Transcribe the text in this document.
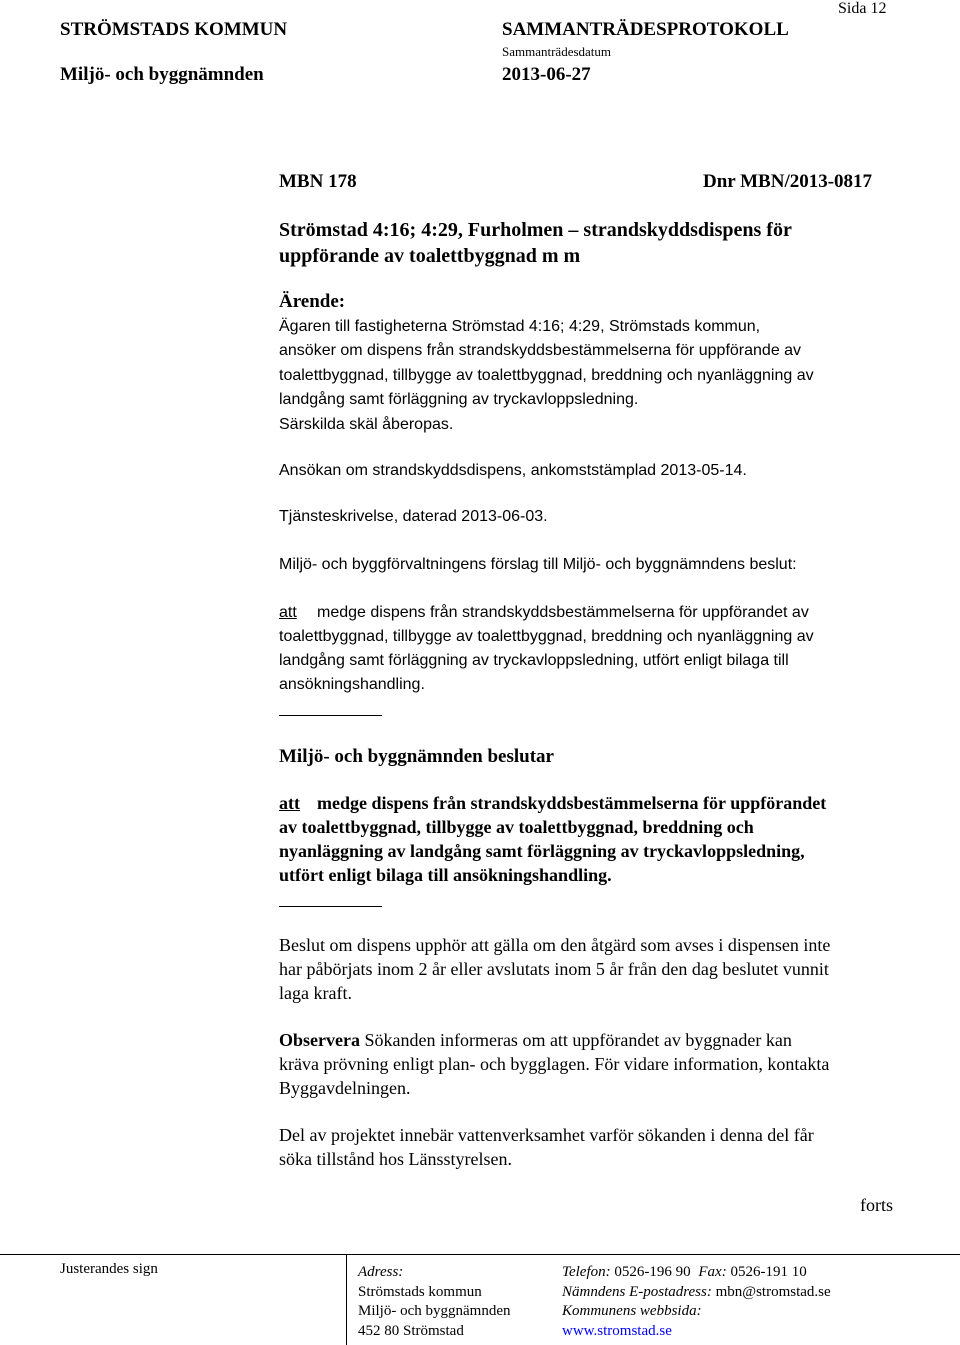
STRÖMSTADS KOMMUN	SAMMANTRÄDESPROTOKOLL
Sida 12
Sammanträdesdatum
Miljö- och byggnämnden	2013-06-27
MBN 178	Dnr MBN/2013-0817
Strömstad 4:16; 4:29, Furholmen – strandskyddsdispens för
uppförande av toalettbyggnad m m
Ärende:
Ägaren till fastigheterna Strömstad 4:16; 4:29, Strömstads kommun,
ansöker om dispens från strandskyddsbestämmelserna för uppförande av
toalettbyggnad, tillbygge av toalettbyggnad, breddning och nyanläggning av
landgång samt förläggning av tryckavloppsledning.
Särskilda skäl åberopas.
Ansökan om strandskyddsdispens, ankomststämplad 2013-05-14.
Tjänsteskrivelse, daterad 2013-06-03.
Miljö- och byggförvaltningens förslag till Miljö- och byggnämndens beslut:
att medge dispens från strandskyddsbestämmelserna för uppförandet av
toalettbyggnad, tillbygge av toalettbyggnad, breddning och nyanläggning av
landgång samt förläggning av tryckavloppsledning, utfört enligt bilaga till
ansökningshandling.
Miljö- och byggnämnden beslutar
att medge dispens från strandskyddsbestämmelserna för uppförandet
av toalettbyggnad, tillbygge av toalettbyggnad, breddning och
nyanläggning av landgång samt förläggning av tryckavloppsledning,
utfört enligt bilaga till ansökningshandling.
Beslut om dispens upphör att gälla om den åtgärd som avses i dispensen inte
har påbörjats inom 2 år eller avslutats inom 5 år från den dag beslutet vunnit
laga kraft.
Observera Sökanden informeras om att uppförandet av byggnader kan
kräva prövning enligt plan- och bygglagen. För vidare information, kontakta
Byggavdelningen.
Del av projektet innebär vattenverksamhet varför sökanden i denna del får
söka tillstånd hos Länsstyrelsen.
forts
Justerandes sign	Adress:
Strömstads kommun
Miljö- och byggnämnden
452 80 Strömstad
Telefon: 0526-196 90 Fax: 0526-191 10
Nämndens E-postadress: mbn@stromstad.se
Kommunens webbsida:
www.stromstad.se
